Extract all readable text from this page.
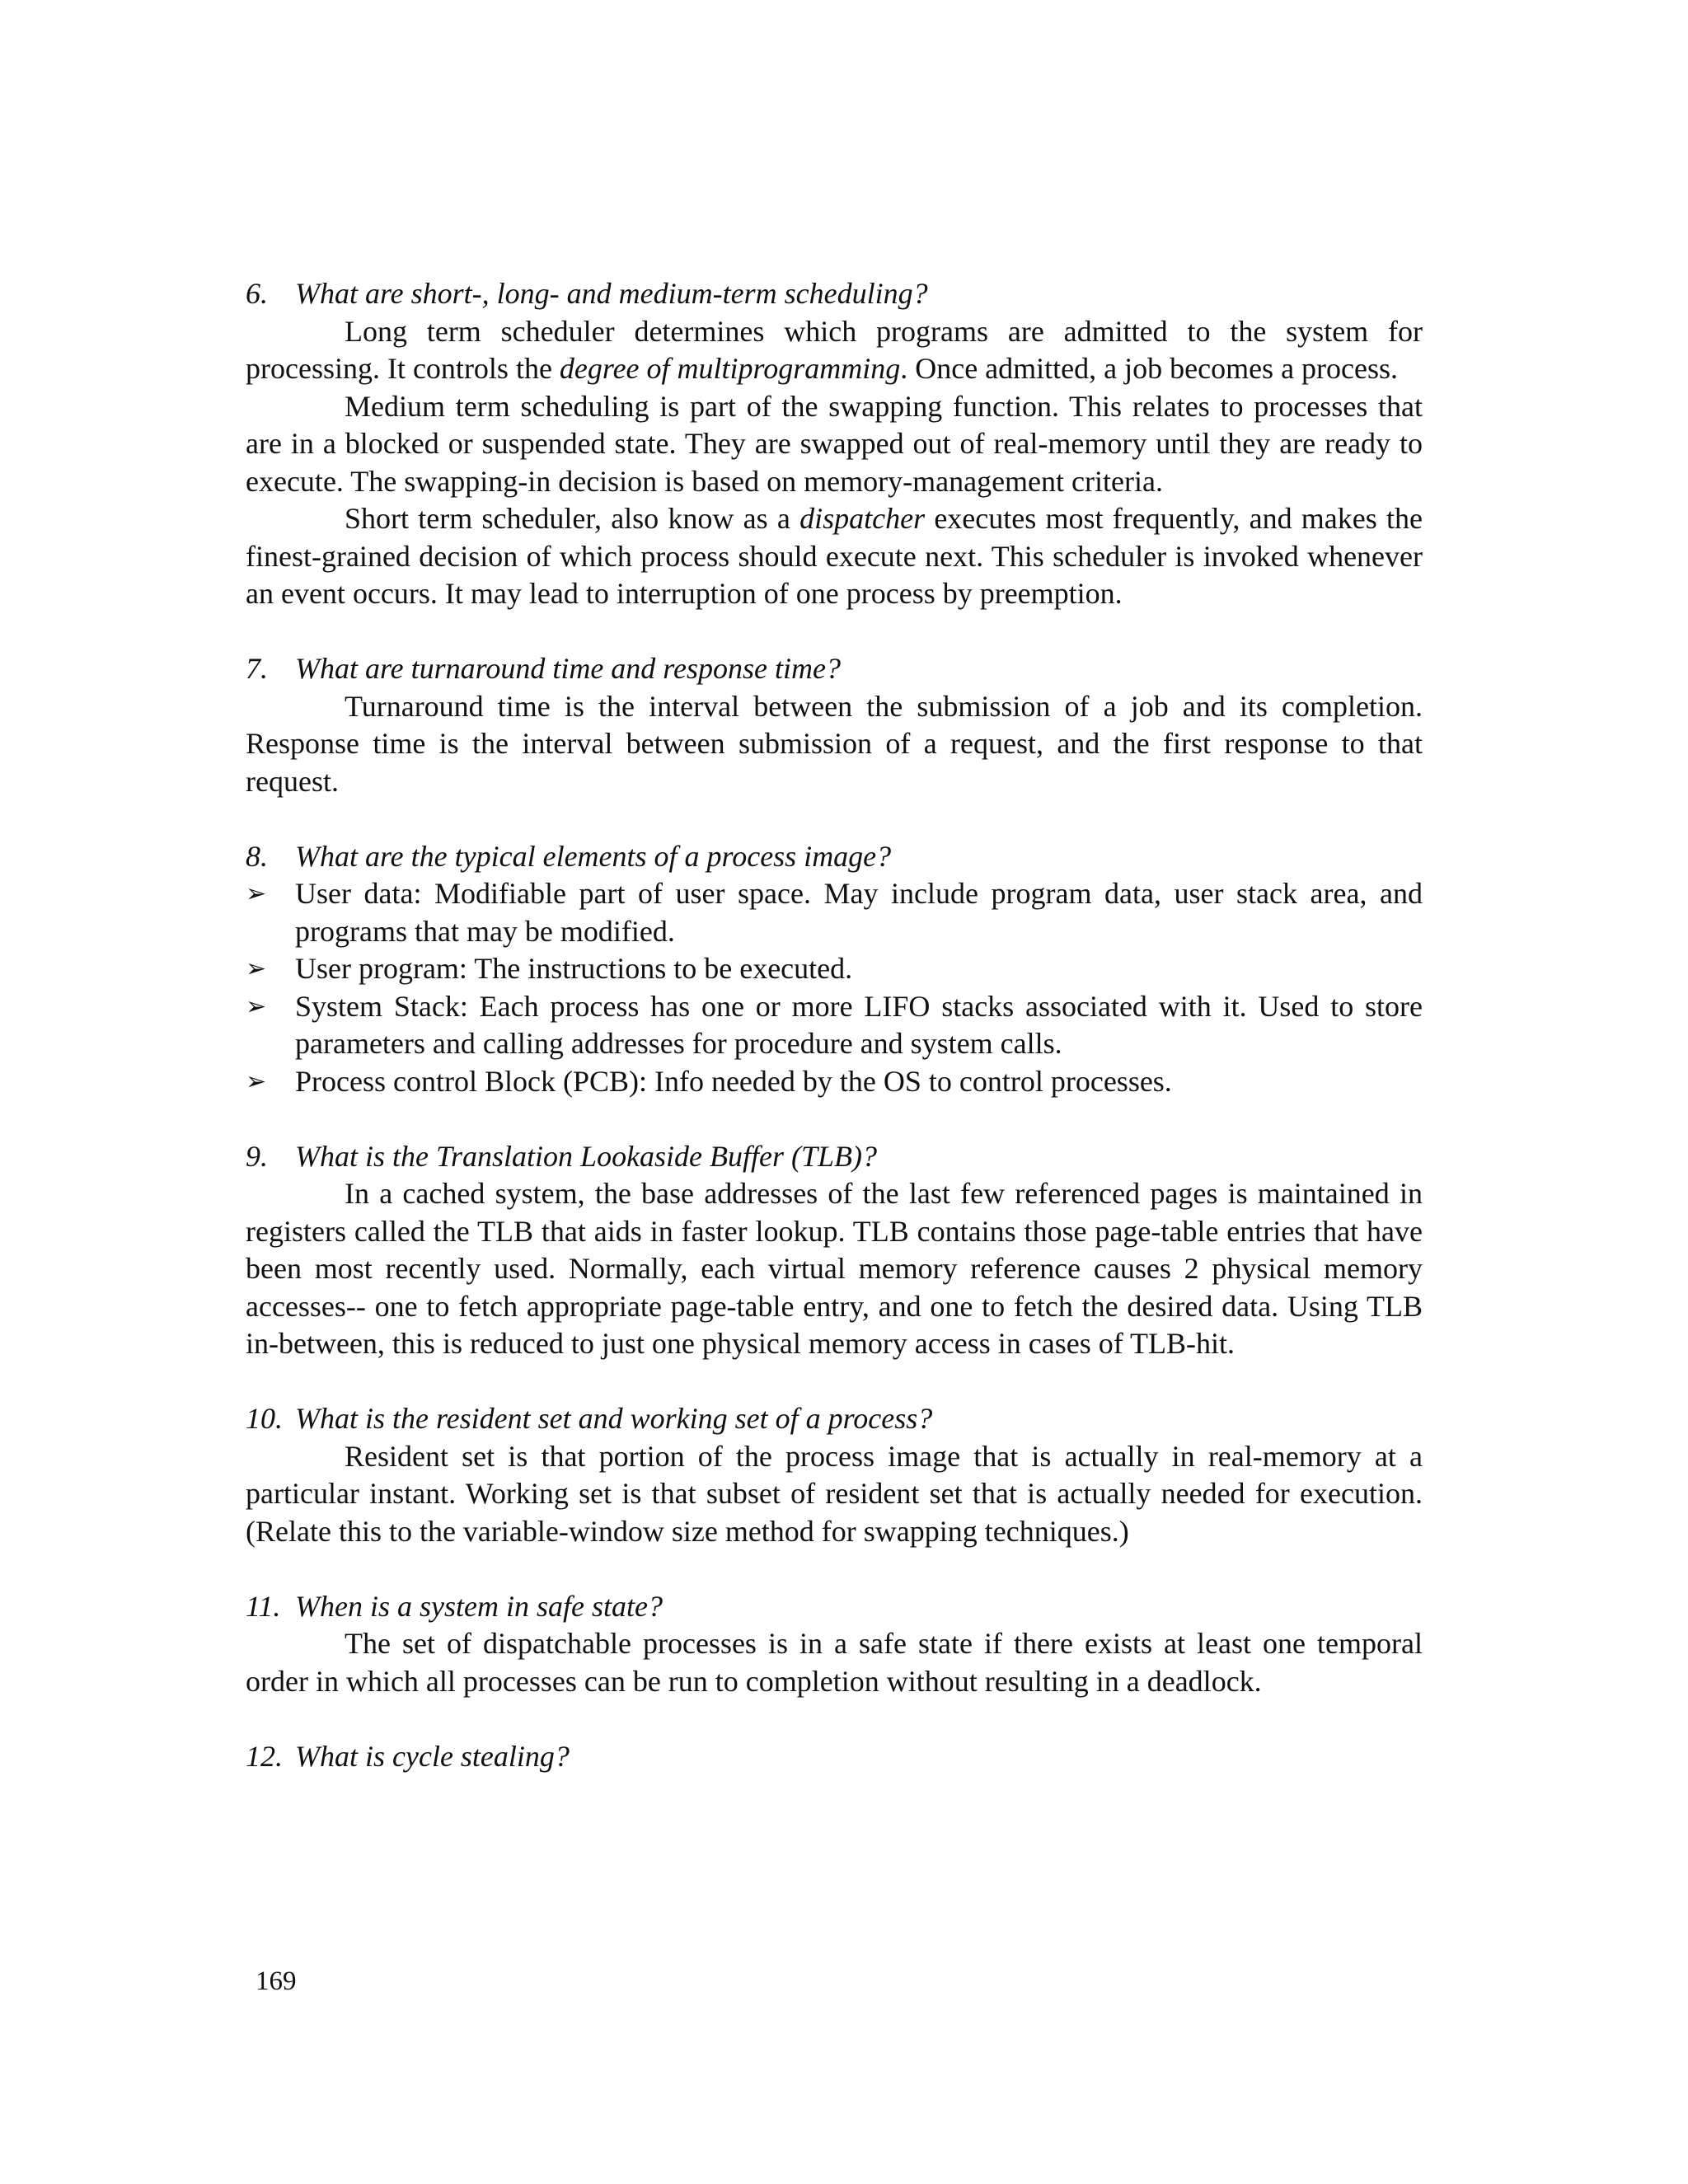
6. What are short-, long- and medium-term scheduling?

Long term scheduler determines which programs are admitted to the system for processing. It controls the degree of multiprogramming. Once admitted, a job becomes a process.

Medium term scheduling is part of the swapping function. This relates to processes that are in a blocked or suspended state. They are swapped out of real-memory until they are ready to execute. The swapping-in decision is based on memory-management criteria.

Short term scheduler, also know as a dispatcher executes most frequently, and makes the finest-grained decision of which process should execute next. This scheduler is invoked whenever an event occurs. It may lead to interruption of one process by preemption.

7. What are turnaround time and response time?

Turnaround time is the interval between the submission of a job and its completion. Response time is the interval between submission of a request, and the first response to that request.

8. What are the typical elements of a process image?
➢ User data: Modifiable part of user space. May include program data, user stack area, and programs that may be modified.
➢ User program: The instructions to be executed.
➢ System Stack: Each process has one or more LIFO stacks associated with it. Used to store parameters and calling addresses for procedure and system calls.
➢ Process control Block (PCB): Info needed by the OS to control processes.
9. What is the Translation Lookaside Buffer (TLB)?

In a cached system, the base addresses of the last few referenced pages is maintained in registers called the TLB that aids in faster lookup. TLB contains those page-table entries that have been most recently used. Normally, each virtual memory reference causes 2 physical memory accesses-- one to fetch appropriate page-table entry, and one to fetch the desired data. Using TLB in-between, this is reduced to just one physical memory access in cases of TLB-hit.

10. What is the resident set and working set of a process?

Resident set is that portion of the process image that is actually in real-memory at a particular instant. Working set is that subset of resident set that is actually needed for execution. (Relate this to the variable-window size method for swapping techniques.)

11. When is a system in safe state?

The set of dispatchable processes is in a safe state if there exists at least one temporal order in which all processes can be run to completion without resulting in a deadlock.

12. What is cycle stealing?
169
